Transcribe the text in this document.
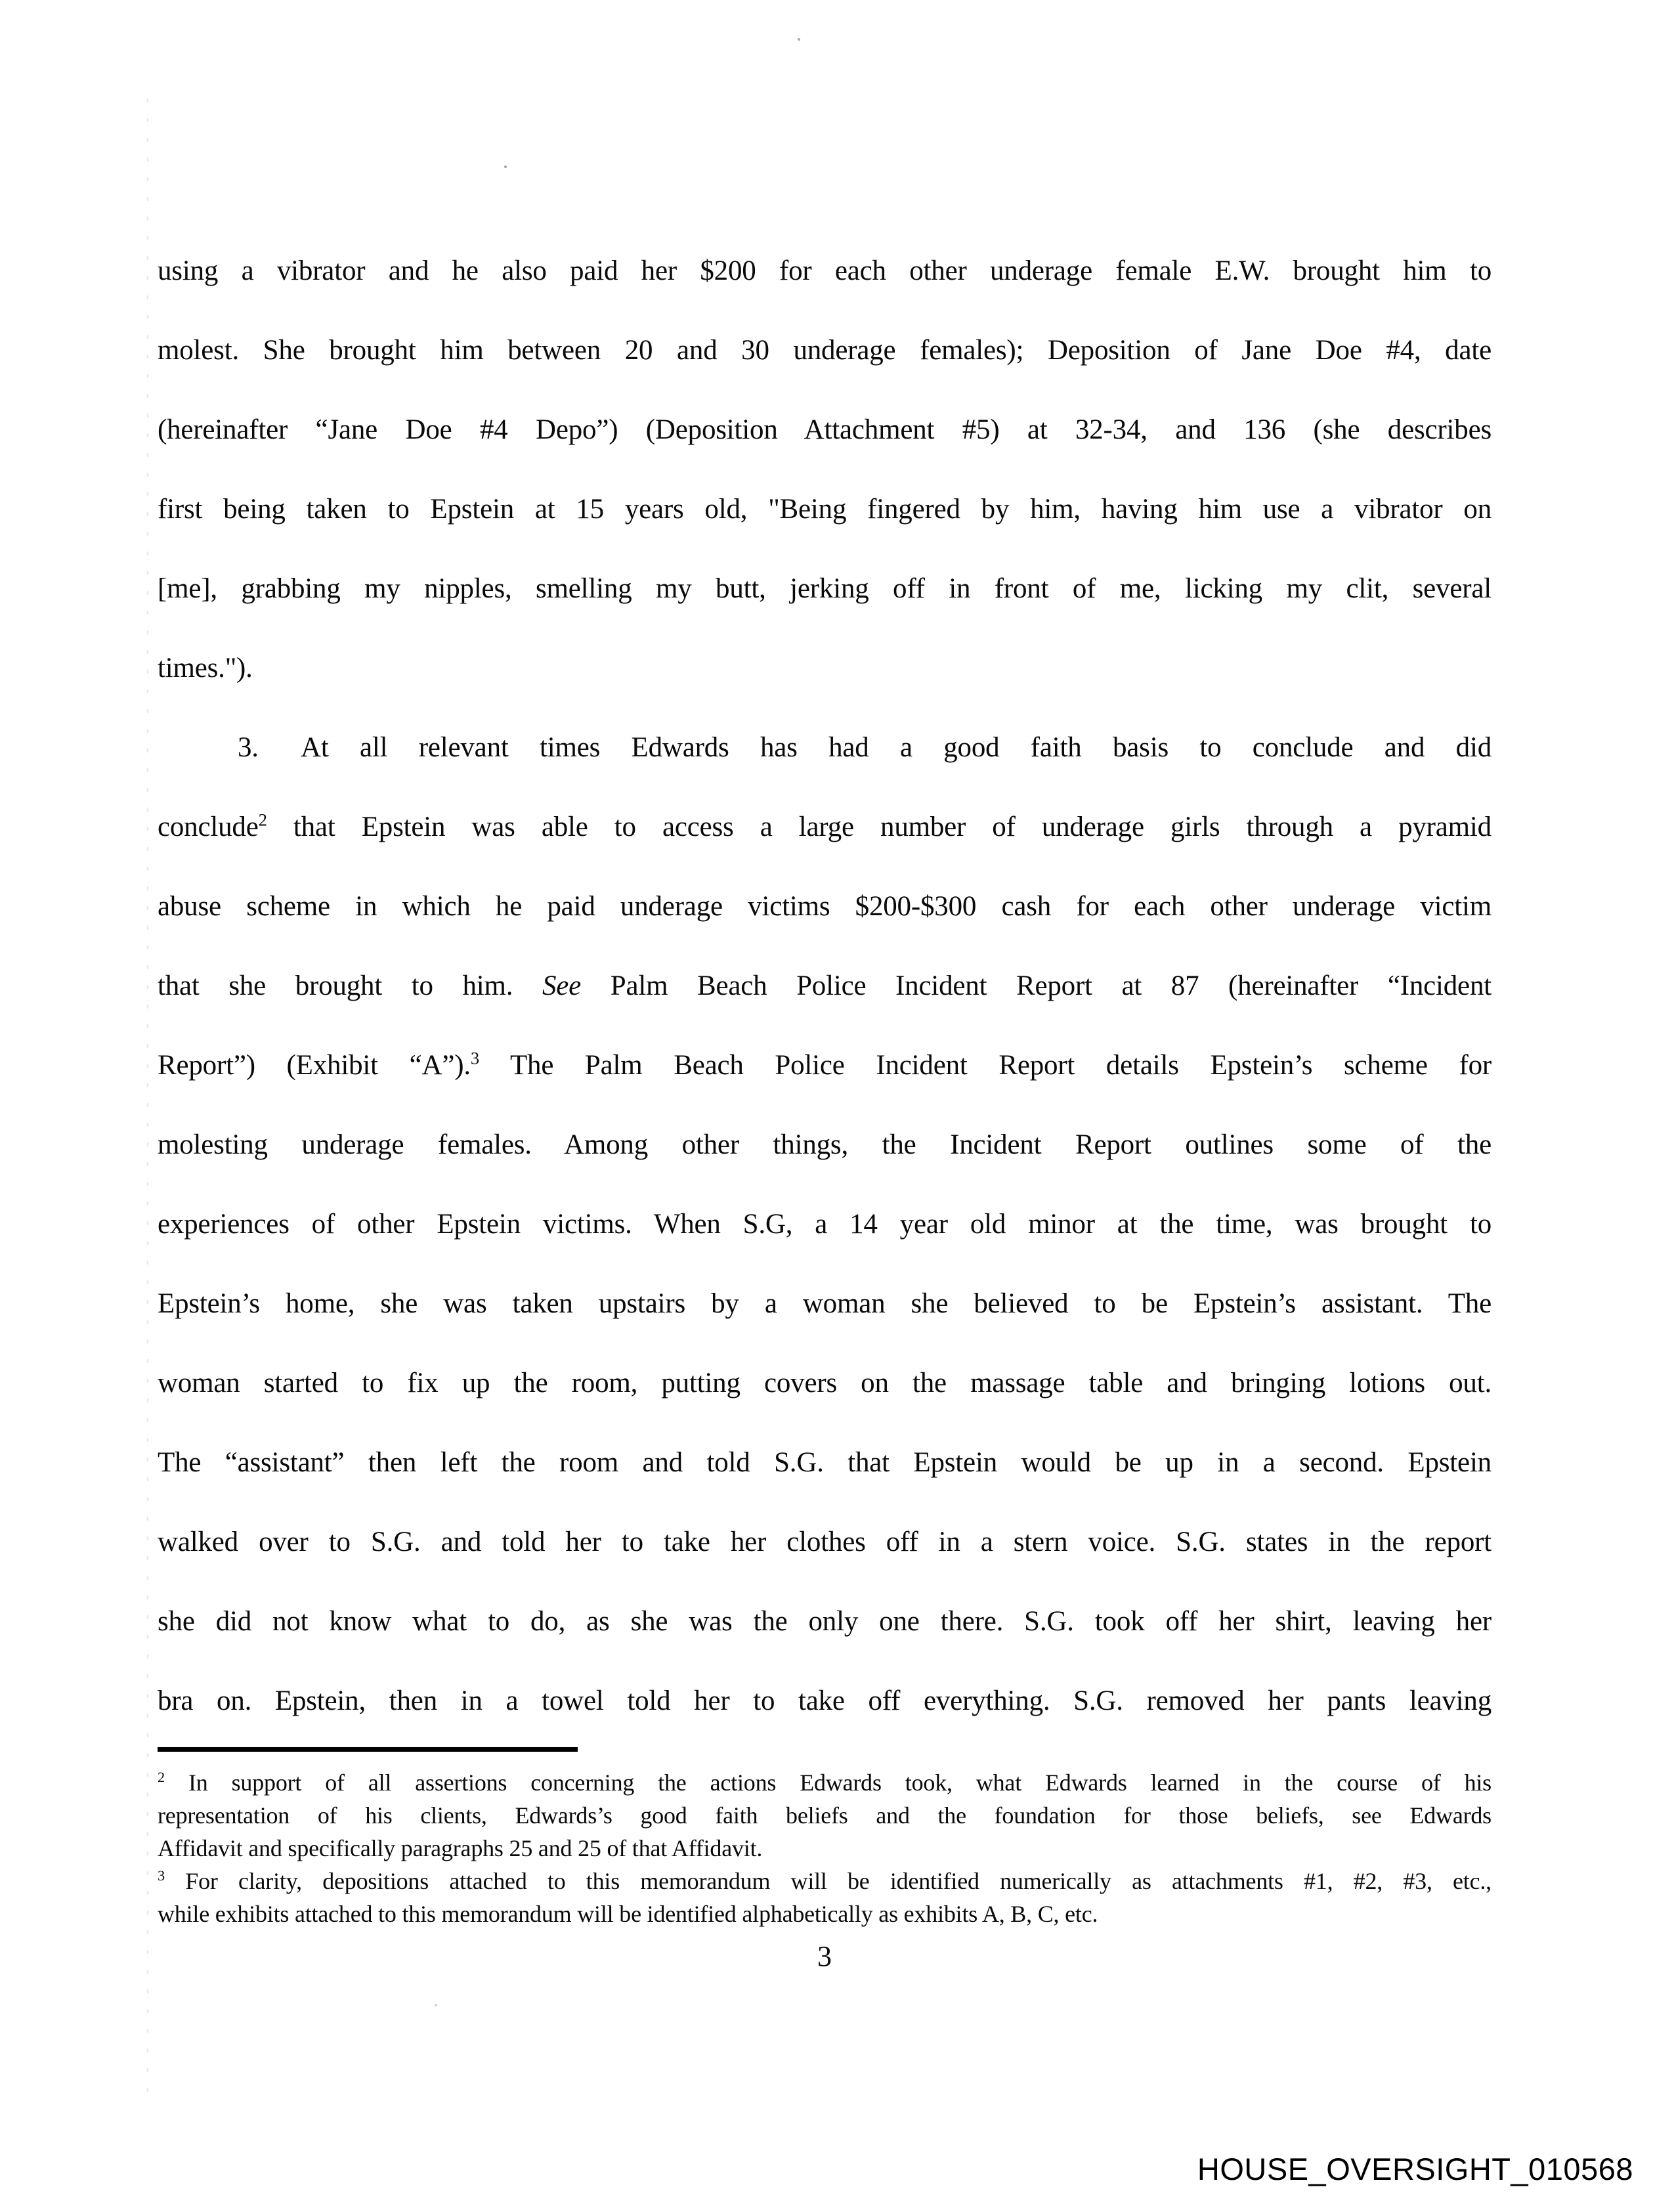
using a vibrator and he also paid her $200 for each other underage female E.W. brought him to
molest. She brought him between 20 and 30 underage females); Deposition of Jane Doe #4, date
(hereinafter “Jane Doe #4 Depo”) (Deposition Attachment #5) at 32-34, and 136 (she describes
first being taken to Epstein at 15 years old, "Being fingered by him, having him use a vibrator on
[me], grabbing my nipples, smelling my butt, jerking off in front of me, licking my clit, several
times.").
3. At all relevant times Edwards has had a good faith basis to conclude and did
conclude$^2$ that Epstein was able to access a large number of underage girls through a pyramid
abuse scheme in which he paid underage victims $200-$300 cash for each other underage victim
that she brought to him. See Palm Beach Police Incident Report at 87 (hereinafter “Incident
Report”) (Exhibit “A”).$^3$ The Palm Beach Police Incident Report details Epstein’s scheme for
molesting underage females. Among other things, the Incident Report outlines some of the
experiences of other Epstein victims. When S.G, a 14 year old minor at the time, was brought to
Epstein’s home, she was taken upstairs by a woman she believed to be Epstein’s assistant. The
woman started to fix up the room, putting covers on the massage table and bringing lotions out.
The “assistant” then left the room and told S.G. that Epstein would be up in a second. Epstein
walked over to S.G. and told her to take her clothes off in a stern voice. S.G. states in the report
she did not know what to do, as she was the only one there. S.G. took off her shirt, leaving her
bra on. Epstein, then in a towel told her to take off everything. S.G. removed her pants leaving
$^2$ In support of all assertions concerning the actions Edwards took, what Edwards learned in the course of his
representation of his clients, Edwards’s good faith beliefs and the foundation for those beliefs, see Edwards
Affidavit and specifically paragraphs 25 and 25 of that Affidavit.
$^3$ For clarity, depositions attached to this memorandum will be identified numerically as attachments #1, #2, #3, etc.,
while exhibits attached to this memorandum will be identified alphabetically as exhibits A, B, C, etc.
3
HOUSE_OVERSIGHT_010568
